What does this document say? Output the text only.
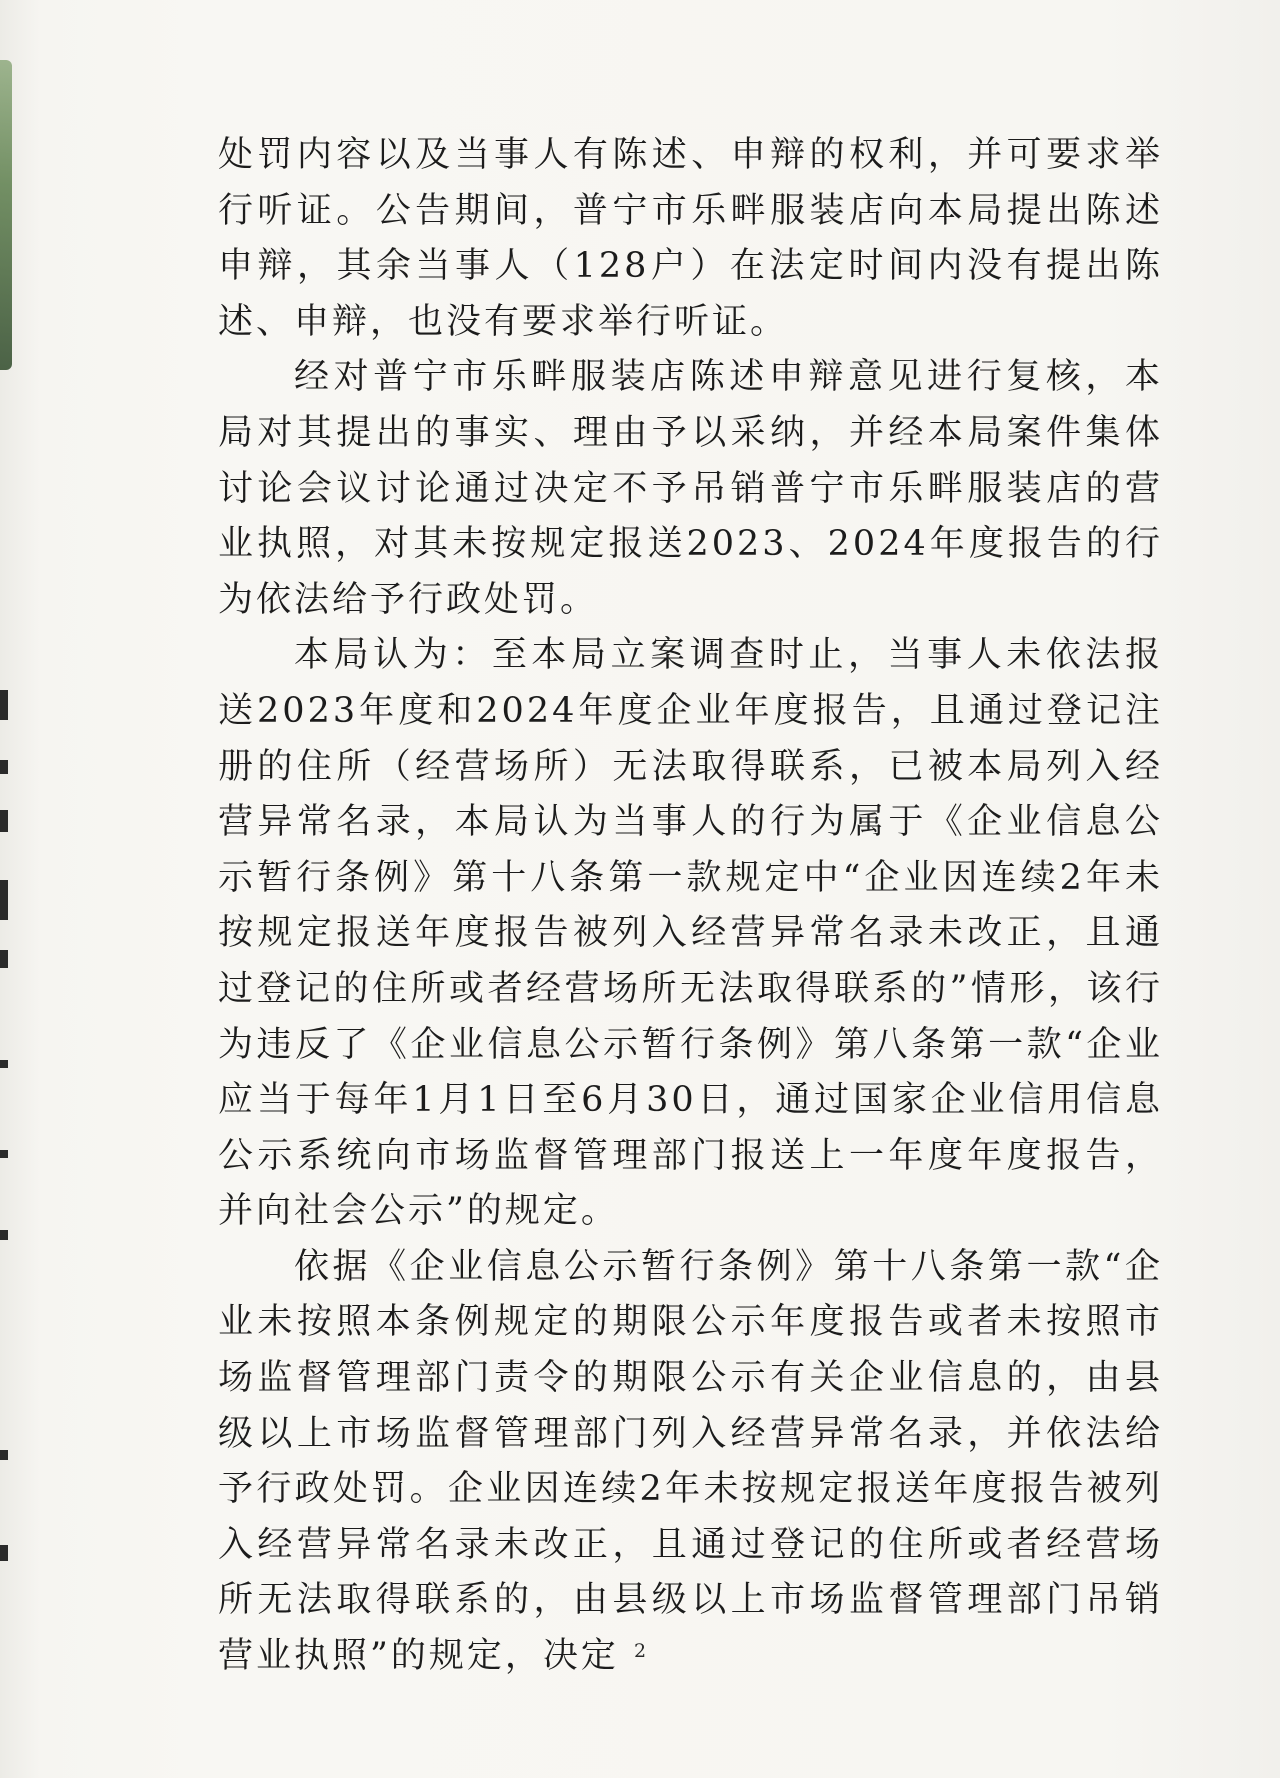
处罚内容以及当事人有陈述、申辩的权利，并可要求举行听证。公告期间，普宁市乐畔服装店向本局提出陈述申辩，其余当事人（128户）在法定时间内没有提出陈述、申辩，也没有要求举行听证。

经对普宁市乐畔服装店陈述申辩意见进行复核，本局对其提出的事实、理由予以采纳，并经本局案件集体讨论会议讨论通过决定不予吊销普宁市乐畔服装店的营业执照，对其未按规定报送2023、2024年度报告的行为依法给予行政处罚。

本局认为：至本局立案调查时止，当事人未依法报送2023年度和2024年度企业年度报告，且通过登记注册的住所（经营场所）无法取得联系，已被本局列入经营异常名录，本局认为当事人的行为属于《企业信息公示暂行条例》第十八条第一款规定中“企业因连续2年未按规定报送年度报告被列入经营异常名录未改正，且通过登记的住所或者经营场所无法取得联系的”情形，该行为违反了《企业信息公示暂行条例》第八条第一款“企业应当于每年1月1日至6月30日，通过国家企业信用信息公示系统向市场监督管理部门报送上一年度年度报告，并向社会公示”的规定。

依据《企业信息公示暂行条例》第十八条第一款“企业未按照本条例规定的期限公示年度报告或者未按照市场监督管理部门责令的期限公示有关企业信息的，由县级以上市场监督管理部门列入经营异常名录，并依法给予行政处罚。企业因连续2年未按规定报送年度报告被列入经营异常名录未改正，且通过登记的住所或者经营场所无法取得联系的，由县级以上市场监督管理部门吊销营业执照”的规定，决定 2
